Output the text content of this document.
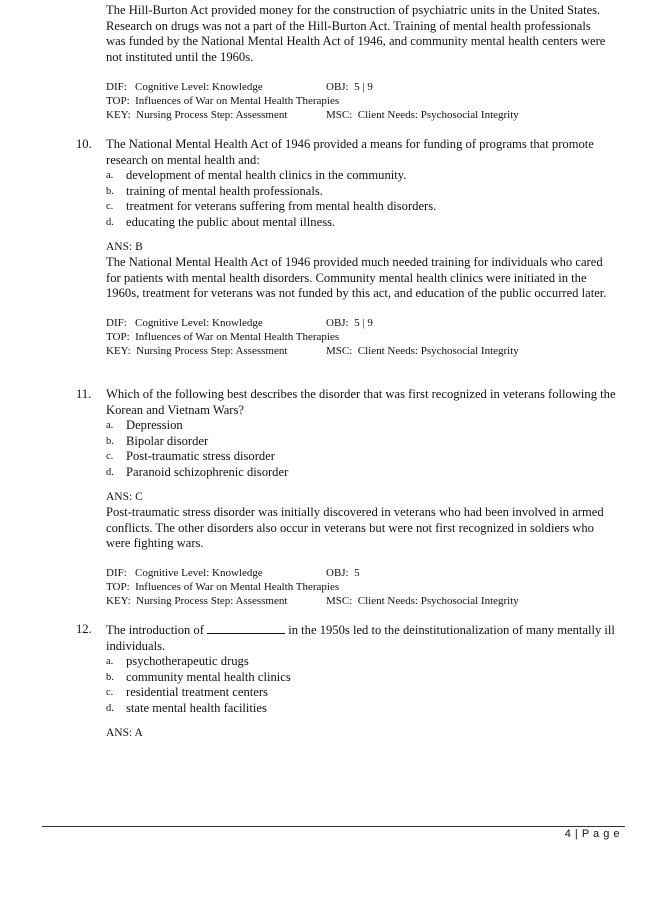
The Hill-Burton Act provided money for the construction of psychiatric units in the United States. Research on drugs was not a part of the Hill-Burton Act. Training of mental health professionals was funded by the National Mental Health Act of 1946, and community mental health centers were not instituted until the 1960s.

DIF:   Cognitive Level: Knowledge	OBJ:  5 | 9
TOP:  Influences of War on Mental Health Therapies
KEY:  Nursing Process Step: Assessment	MSC:  Client Needs: Psychosocial Integrity
10.	The National Mental Health Act of 1946 provided a means for funding of programs that promote research on mental health and:

a. development of mental health clinics in the community.
b. training of mental health professionals.
c. treatment for veterans suffering from mental health disorders.
d. educating the public about mental illness.

ANS: B

The National Mental Health Act of 1946 provided much needed training for individuals who cared for patients with mental health disorders. Community mental health clinics were initiated in the 1960s, treatment for veterans was not funded by this act, and education of the public occurred later.

DIF:   Cognitive Level: Knowledge	OBJ:  5 | 9
TOP:  Influences of War on Mental Health Therapies
KEY:  Nursing Process Step: Assessment	MSC:  Client Needs: Psychosocial Integrity
11.	Which of the following best describes the disorder that was first recognized in veterans following the Korean and Vietnam Wars?

a. Depression
b. Bipolar disorder
c. Post-traumatic stress disorder
d. Paranoid schizophrenic disorder

ANS: C

Post-traumatic stress disorder was initially discovered in veterans who had been involved in armed conflicts. The other disorders also occur in veterans but were not first recognized in soldiers who were fighting wars.

DIF:   Cognitive Level: Knowledge	OBJ:  5
TOP:  Influences of War on Mental Health Therapies
KEY:  Nursing Process Step: Assessment	MSC:  Client Needs: Psychosocial Integrity
12.	The introduction of	in the 1950s led to the deinstitutionalization of many mentally ill individuals.

a. psychotherapeutic drugs
b. community mental health clinics
c. residential treatment centers
d. state mental health facilities

ANS: A

4 | P a g e
